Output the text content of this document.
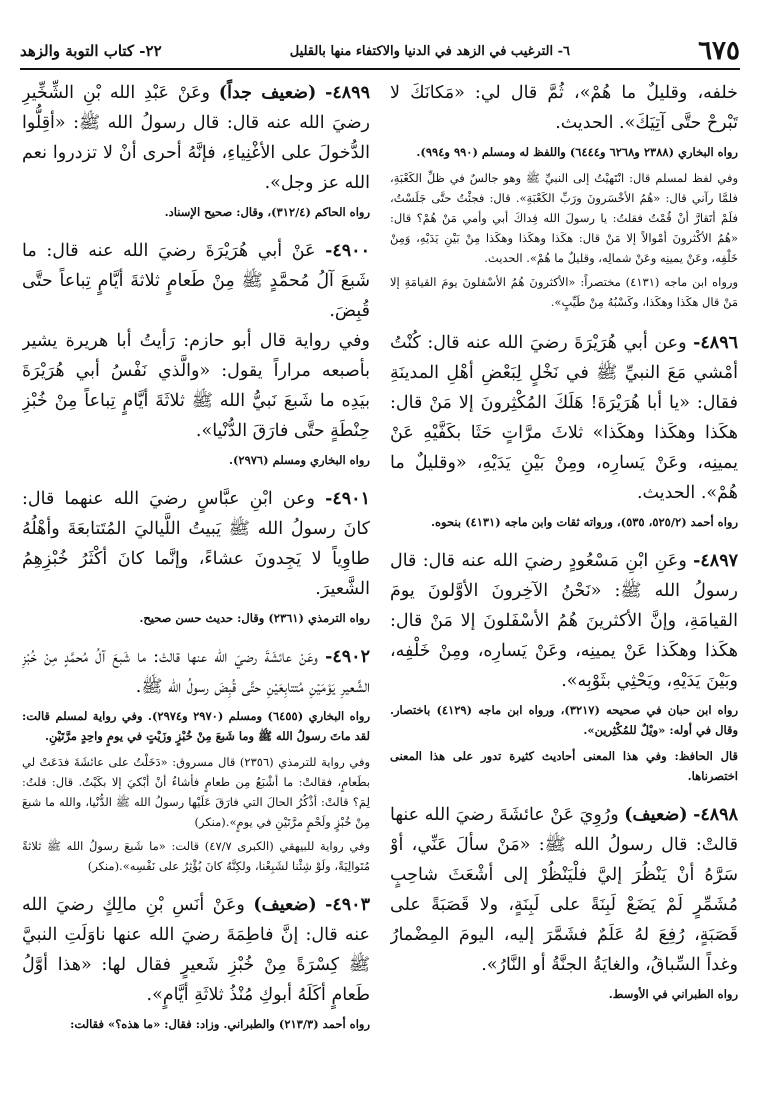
٦٧٥
٦- الترغيب في الزهد في الدنيا والاكتفاء منها بالقليل
٢٢- كتاب التوبة والزهد

خلفه، وقليلٌ ما هُمْ»، ثُمَّ قال لي: «مَكانَكَ لا تَبْرحْ حتَّى آتِيَكَ». الحديث.

رواه البخاري (٢٣٨٨ و٦٢٦٨ و٦٤٤٤) واللفظ له ومسلم (٩٩٠ و٩٩٤).

وفي لفظ لمسلم قال: انْتَهيْتُ إلى النبيِّ ﷺ وهو جالسٌ في ظلِّ الكَعْبَةِ، فلمَّا رآني قال: «هُمُ الأخْسَرونَ ورَبِّ الكَعْبَةِ». قال: فجئْتُ حتَّى جَلَسْتُ، فلَمْ أتَقارَّ أنْ قُمْتُ فقلتُ: يا رسولَ الله فِداكَ أبي وأمي مَنْ هُمْ؟ قال: «هُمُ الأكْثرونَ أمْوالاً إلا مَنْ قال: هكَذا وهكَذا وهكَذا مِنْ بَيْنِ يَدَيْهِ، وَمِنْ خَلْفِه، وعَنْ يمينِه وعَنْ شمالِه، وقليلٌ ما هُمْ». الحديث.

ورواه ابن ماجه (٤١٣١) مختصراً: «الأكثرونَ هُمُ الأسْفلونَ يومَ القيامَةِ إلا مَنْ قال هكَذا وهكَذا، وكَسْبُهُ مِنْ طَيِّبٍ».

٤٨٩٦- وعن أبي هُرَيْرَةَ رضيَ الله عنه قال: كُنْتُ أمْشي مَعَ النبيِّ ﷺ في نَخْلٍ لِبَعْضِ أهْلِ المدينَةِ فقال: «يا أبا هُرَيْرَةَ! هَلَكَ المُكْثِرونَ إلا مَنْ قال: هكَذا وهكَذا وهكَذا» ثلاثَ مرَّاتٍ حَثَا بكَفَّيْهِ عَنْ يمينِه، وعَنْ يَسارِه، ومِنْ بَيْنِ يَدَيْهِ، «وقليلٌ ما هُمْ». الحديث.

رواه أحمد (٥٢٥/٢، ٥٣٥)، ورواته ثقات وابن ماجه (٤١٣١) بنحوه.

٤٨٩٧- وعَنِ ابْنِ مَسْعُودٍ رضيَ الله عنه قال: قال رسولُ الله ﷺ: «نَحْنُ الآخِرونَ الأوَّلونَ يومَ القيامَةِ، وإنَّ الأكثرينَ هُمُ الأسْفَلونَ إلا مَنْ قال: هكَذا وهكَذا عَنْ يمينِه، وعَنْ يَسارِه، ومِنْ خَلْفِه، وبَيْنَ يَدَيْهِ، ويَحْثِي بثَوْبِه».

رواه ابن حبان في صحيحه (٣٢١٧)، ورواه ابن ماجه (٤١٢٩) باختصار. وقال في أوله: «ويْلٌ للمُكْثِرين».

قال الحافظ: وفي هذا المعنى أحاديث كثيرة تدور على هذا المعنى اختصرناها.

٤٨٩٨- (ضعيف) ورُوِيَ عَنْ عائشَةَ رضيَ الله عنها قالتْ: قال رسولُ الله ﷺ: «مَنْ سألَ عَنِّي، أوْ سَرَّهُ أنْ يَنْظُرَ إليَّ فلْيَنْظُرْ إلى أشْعَثَ شاحِبٍ مُشَمِّرٍ لَمْ يَضَعْ لَبِنَةً على لَبِنَةٍ، ولا قَصَبَةً على قَصَبَةٍ، رُفِعَ لهُ عَلَمٌ فشَمَّرَ إليه، اليومَ المِضْمارُ وغداً السِّباقُ، والغايَةُ الجنَّةُ أو النَّارُ».

رواه الطبراني في الأوسط.

٤٨٩٩- (ضعيف جداً) وعَنْ عَبْدِ الله بْنِ الشِّخِّيرِ رضيَ الله عنه قال: قال رسولُ الله ﷺ: «أقِلُّوا الدُّخولَ على الأغْنِياءِ، فإنَّهُ أحرى أنْ لا تزدروا نعم الله عز وجل».

رواه الحاكم (٣١٢/٤)، وقال: صحيح الإسناد.

٤٩٠٠- عَنْ أبي هُرَيْرَةَ رضيَ الله عنه قال: ما شَبعَ آلُ مُحمَّدٍ ﷺ مِنْ طَعامٍ ثلاثةَ أيَّامٍ تِباعاً حتَّى قُبِضَ.

وفي رواية قال أبو حازم: رَأيتُ أبا هريرة يشير بأصبعه مراراً يقول: «والَّذي نَفْسُ أبي هُرَيْرَةَ بيَدِه ما شَبعَ نَبيُّ الله ﷺ ثلاثَةَ أيَّامٍ تِباعاً مِنْ خُبْزِ حِنْطَةٍ حتَّى فارَقَ الدُّنْيا».

رواه البخاري ومسلم (٢٩٧٦).

٤٩٠١- وعن ابْنِ عبَّاسٍ رضيَ الله عنهما قال: كانَ رسولُ الله ﷺ يَبيتُ اللَّياليَ المُتَتابعَةَ وأهْلُهُ طاوِياً لا يَجِدونَ عشاءً، وإنَّما كانَ أكْثَرُ خُبْزِهِمُ الشَّعيرَ.

رواه الترمذي (٢٣٦١) وقال: حديث حسن صحيح.

٤٩٠٢- وعَنْ عائشَةَ رضيَ الله عنها قالتْ: ما شَبعَ آلُ مُحمَّدٍ مِنْ خُبْزِ الشَّعيرِ يَوْمَيْنِ مُتتابِعَيْنِ حتَّى قُبِضَ رسولُ الله ﷺ.

رواه البخاري (٦٤٥٥) ومسلم (٢٩٧٠ و٢٩٧٤). وفي رواية لمسلم قالت: لقد ماتَ رسولُ الله ﷺ وما شَبعَ مِنْ خُبْزٍ وزَيْتٍ في يومٍ واحِدٍ مرَّتَيْنِ.

وفي رواية للترمذي (٢٣٥٦) قال مسروق: «دَخَلْتُ على عائشَةَ فدَعَتْ لي بطَعامٍ، فقالتْ: ما أشْبَعُ مِن طعامٍ فأشاءُ أنْ أبْكيَ إلا بكَيْتُ. قال: قلتُ: لِمَ؟ قالتْ: أذْكُرُ الحالَ التي فارَقَ عَلَيْها رسولُ الله ﷺ الدُّنْيا، والله ما شبعَ مِنْ خُبْزٍ ولَحْمٍ مرَّتَيْنِ في يومٍ».(منكر)

وفي رواية للبيهقي (الكبرى ٤٧/٧) قالت: «ما شَبعَ رسولُ الله ﷺ ثلاثةً مُتَوالِيَةً، ولَوْ شِئْنا لشَبِعْنا، ولكِنَّهُ كانَ يُؤْثِرُ على نَفْسِه».(منكر)

٤٩٠٣- (ضعيف) وعَنْ أنَسِ بْنِ مالِكٍ رضيَ الله عنه قال: إنَّ فاطِمَةَ رضيَ الله عنها ناوَلَتِ النبيَّ ﷺ كِسْرَةً مِنْ خُبْزِ شَعيرٍ فقال لها: «هذا أوَّلُ طَعامٍ أكَلَهُ أبوكِ مُنْذُ ثلاثَةِ أيَّامٍ».

رواه أحمد (٢١٣/٣) والطبراني. وزاد: فقال: «ما هذه؟» فقالت:
